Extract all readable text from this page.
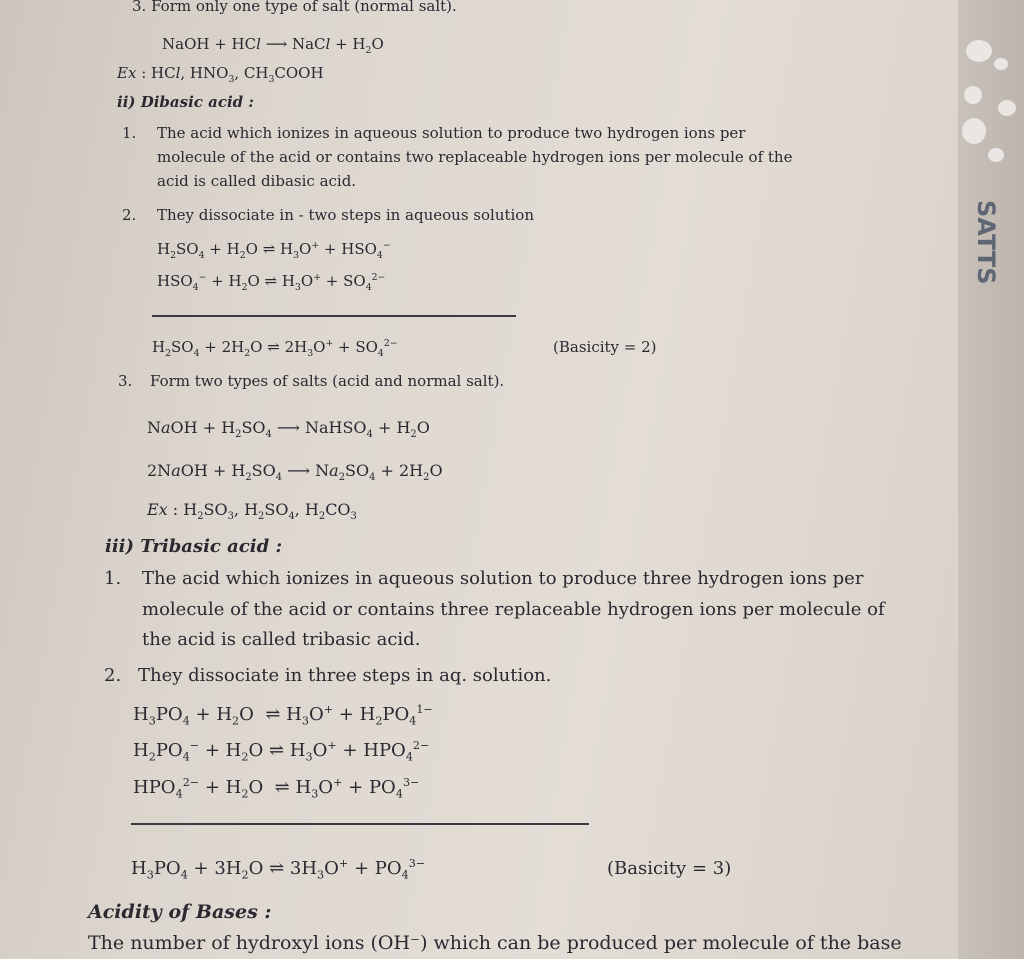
3. Form only one type of salt (normal salt).
NaOH + HCl ⟶ NaCl + $H_2O$
Ex : HCl, $HNO_3$, $CH_3COOH$
ii) Dibasic acid :
1. The acid which ionizes in aqueous solution to produce two hydrogen ions per
molecule of the acid or contains two replaceable hydrogen ions per molecule of the
acid is called dibasic acid.
2. They dissociate in - two steps in aqueous solution
$H_2SO_4 + H_2O$ ⇌ $H_3O^+ + HSO_4^-$
$HSO_4^- + H_2O$ ⇌ $H_3O^+ + SO_4^{2-}$
$H_2SO_4 + 2H_2O$ ⇌ $2H_3O^+ + SO_4^{2-}$	(Basicity = 2)
3. Form two types of salts (acid and normal salt).
NaOH + $H_2SO_4$ ⟶ NaHSO$_4$ + $H_2O$
2NaOH + $H_2SO_4$ ⟶ $Na_2SO_4 + 2H_2O$
Ex : $H_2SO_3$, $H_2SO_4$, $H_2CO_3$
iii) Tribasic acid :
1. The acid which ionizes in aqueous solution to produce three hydrogen ions per
molecule of the acid or contains three replaceable hydrogen ions per molecule of
the acid is called tribasic acid.
2. They dissociate in three steps in aq. solution.
$H_3PO_4 + H_2O$  ⇌ $H_3O^+ + H_2PO_4^{1-}$
$H_2PO_4^- + H_2O$ ⇌ $H_3O^+ + HPO_4^{2-}$
$HPO_4^{2-} + H_2O$  ⇌ $H_3O^+ + PO_4^{3-}$
$H_3PO_4 + 3H_2O$ ⇌ $3H_3O^+ + PO_4^{3-}$	(Basicity = 3)
Acidity of Bases :
The number of hydroxyl ions (OH⁻) which can be produced per molecule of the base
SATTS
